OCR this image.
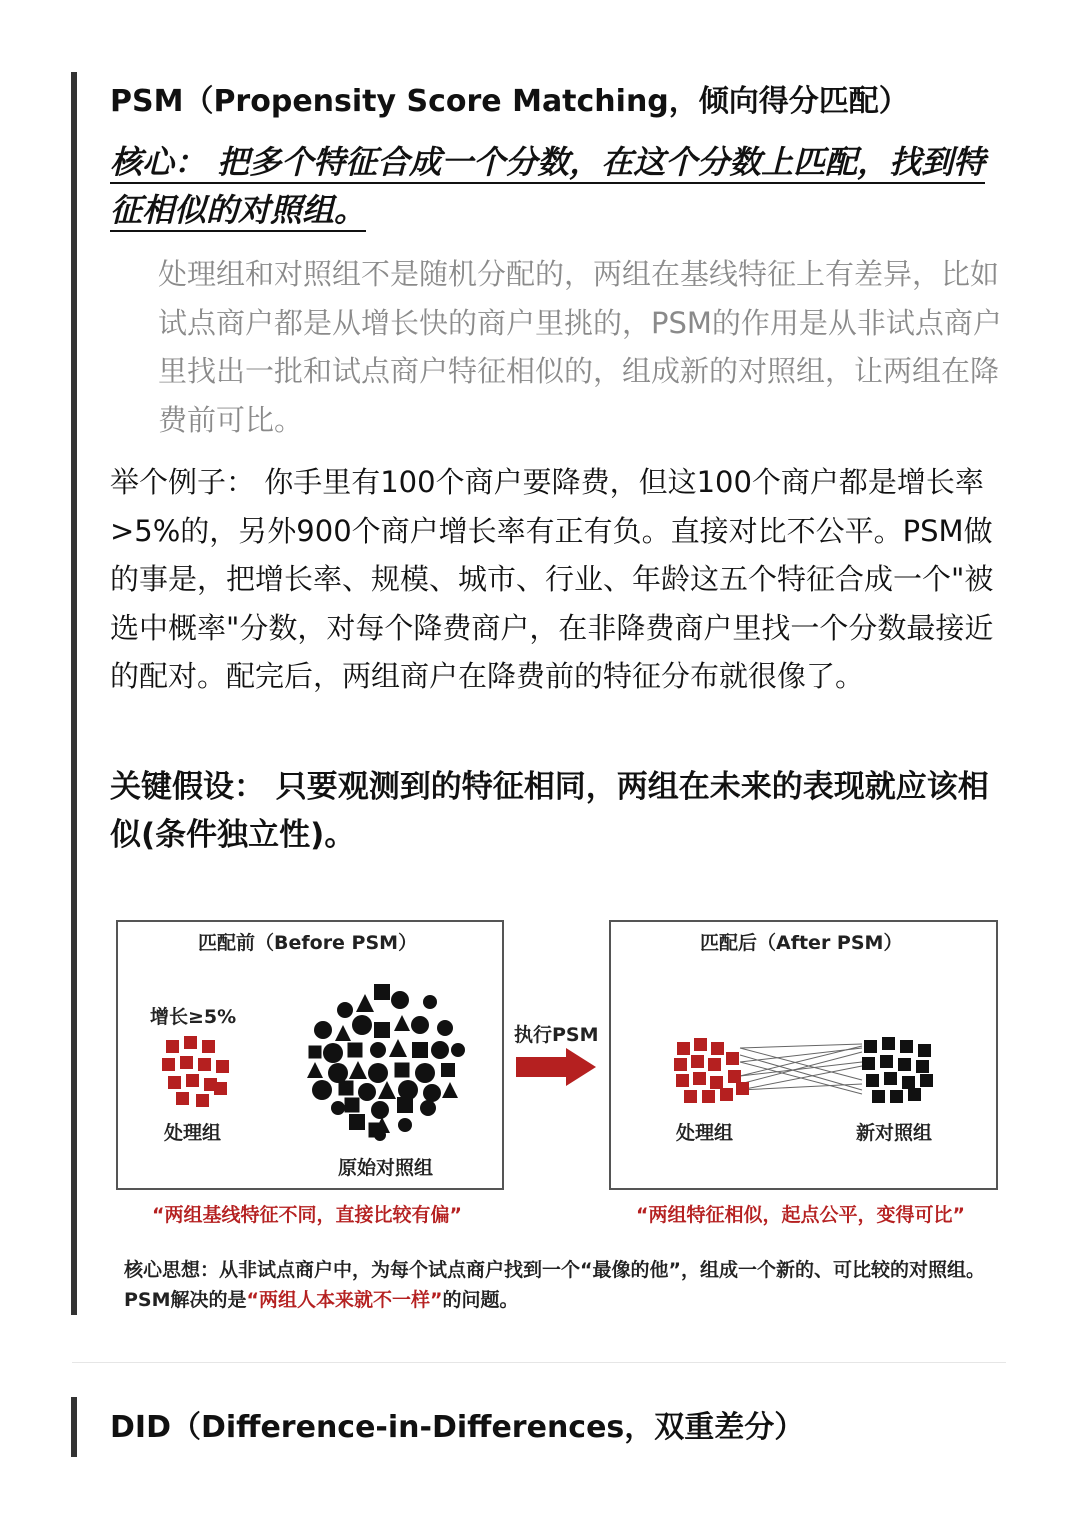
PSM（Propensity Score Matching，倾向得分匹配）
核心： 把多个特征合成一个分数，在这个分数上匹配，找到特
征相似的对照组。
处理组和对照组不是随机分配的，两组在基线特征上有差异，比如试点商户都是从增长快的商户里挑的，PSM的作用是从非试点商户里找出一批和试点商户特征相似的，组成新的对照组，让两组在降费前可比。
举个例子： 你手里有100个商户要降费，但这100个商户都是增长率>5%的，另外900个商户增长率有正有负。直接对比不公平。PSM做的事是，把增长率、规模、城市、行业、年龄这五个特征合成一个"被选中概率"分数，对每个降费商户，在非降费商户里找一个分数最接近的配对。配完后，两组商户在降费前的特征分布就很像了。
关键假设： 只要观测到的特征相同，两组在未来的表现就应该相似(条件独立性)。
匹配前（Before PSM）	匹配后（After PSM）
增长≥5%
处理组
原始对照组
执行PSM
处理组	新对照组
“两组基线特征不同，直接比较有偏”	“两组特征相似，起点公平，变得可比”
核心思想：从非试点商户中，为每个试点商户找到一个“最像的他”，组成一个新的、可比较的对照组。PSM解决的是“两组人本来就不一样”的问题。
DID（Difference-in-Differences，双重差分）
